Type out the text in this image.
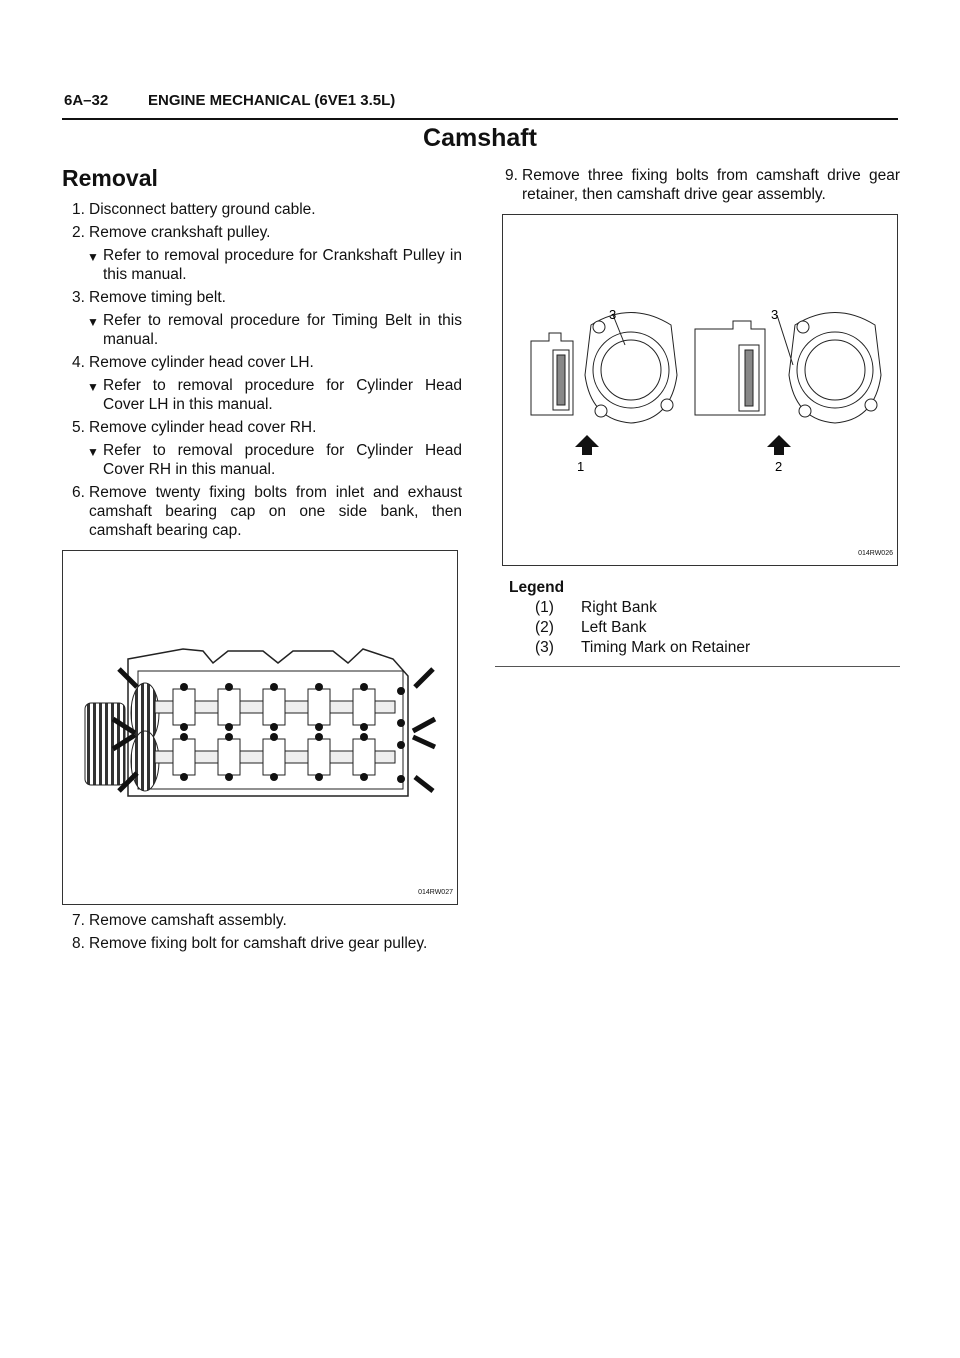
6A–32	ENGINE MECHANICAL (6VE1 3.5L)
Camshaft
Removal
1. Disconnect battery ground cable.
2. Remove crankshaft pulley.
▼ Refer to removal procedure for Crankshaft Pulley in this manual.
3. Remove timing belt.
▼ Refer to removal procedure for Timing Belt in this manual.
4. Remove cylinder head cover LH.
▼ Refer to removal procedure for Cylinder Head Cover LH in this manual.
5. Remove cylinder head cover RH.
▼ Refer to removal procedure for Cylinder Head Cover RH in this manual.
6. Remove twenty fixing bolts from inlet and exhaust camshaft bearing cap on one side bank, then camshaft bearing cap.
014RW027
7. Remove camshaft assembly.
8. Remove fixing bolt for camshaft drive gear pulley.
9. Remove three fixing bolts from camshaft drive gear retainer, then camshaft drive gear assembly.
1	2
3	3
014RW026
Legend
(1) Right Bank
(2) Left Bank
(3) Timing Mark on Retainer
